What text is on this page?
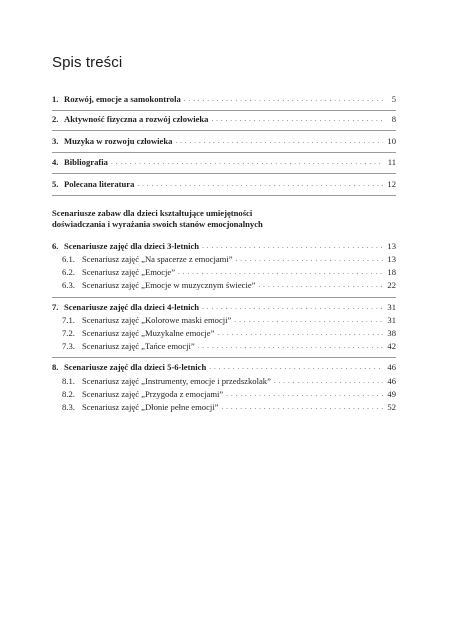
Spis treści
1. Rozwój, emocje a samokontrola . . .	5
2. Aktywność fizyczna a rozwój człowieka . . .	8
3. Muzyka w rozwoju człowieka . . .	10
4. Bibliografia . . .	11
5. Polecana literatura . . .	12
Scenariusze zabaw dla dzieci kształtujące umiejętności
doświadczania i wyrażania swoich stanów emocjonalnych
6. Scenariusze zajęć dla dzieci 3-letnich . . .	13
6.1. Scenariusz zajęć „Na spacerze z emocjami” . . .	13
6.2. Scenariusz zajęć „Emocje” . . .	18
6.3. Scenariusz zajęć „Emocje w muzycznym świecie” . . .	22
7. Scenariusze zajęć dla dzieci 4-letnich . . .	31
7.1. Scenariusz zajęć „Kolorowe maski emocji” . . .	31
7.2. Scenariusz zajęć „Muzykalne emocje” . . .	38
7.3. Scenariusz zajęć „Tańce emocji” . . .	42
8. Scenariusze zajęć dla dzieci 5-6-letnich . . .	46
8.1. Scenariusz zajęć „Instrumenty, emocje i przedszkolak” . . .	46
8.2. Scenariusz zajęć „Przygoda z emocjami” . . .	49
8.3. Scenariusz zajęć „Dłonie pełne emocji” . . .	52
